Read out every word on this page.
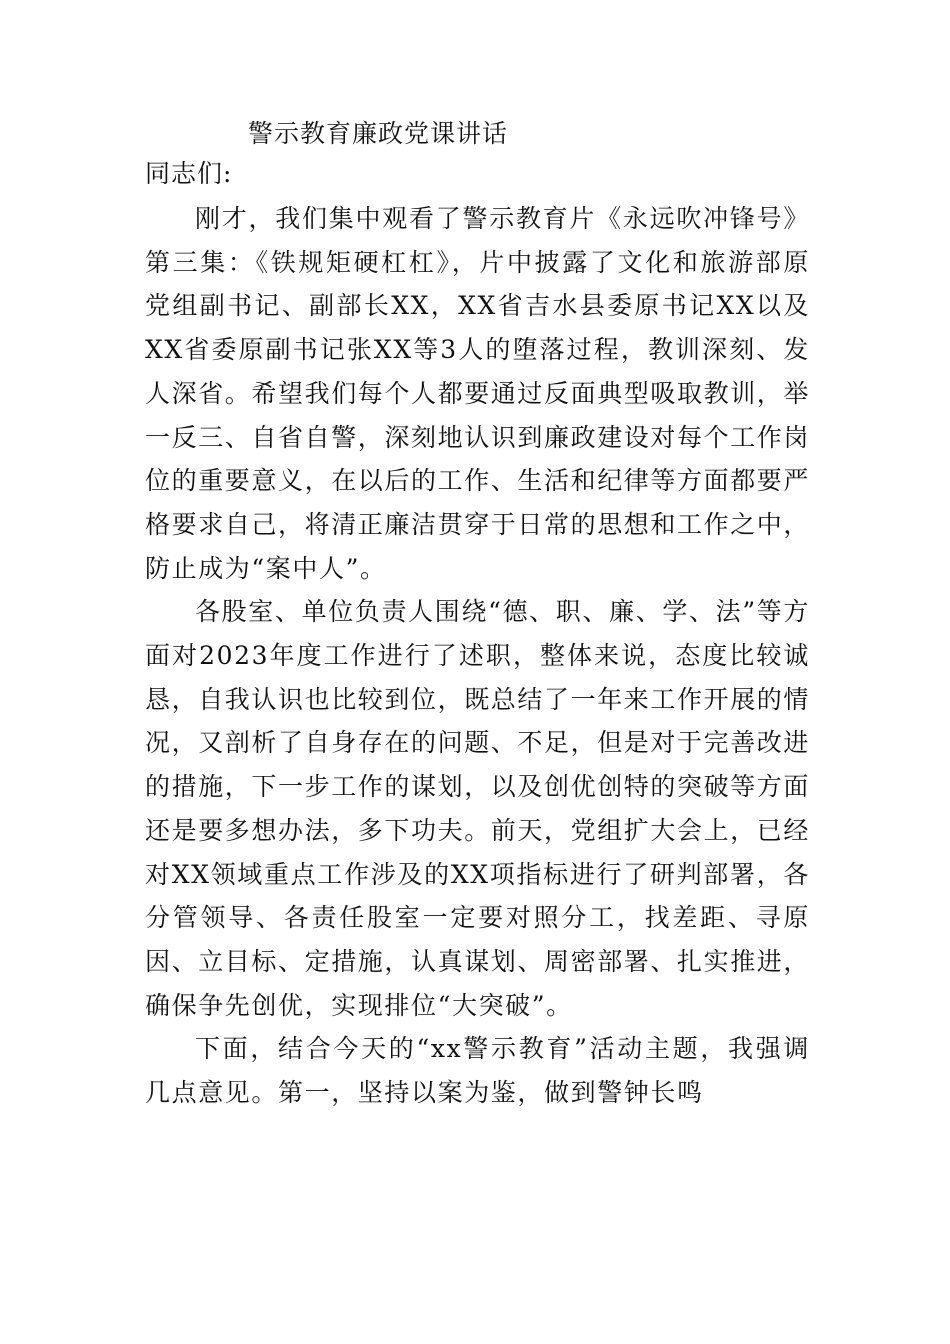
警示教育廉政党课讲话
同志们:

刚才，我们集中观看了警示教育片《永远吹冲锋号》第三集：《铁规矩硬杠杠》，片中披露了文化和旅游部原党组副书记、副部长XX，XX省吉水县委原书记XX以及XX省委原副书记张XX等3人的堕落过程，教训深刻、发人深省。希望我们每个人都要通过反面典型吸取教训，举一反三、自省自警，深刻地认识到廉政建设对每个工作岗位的重要意义，在以后的工作、生活和纪律等方面都要严格要求自己，将清正廉洁贯穿于日常的思想和工作之中，防止成为“案中人”。

各股室、单位负责人围绕“德、职、廉、学、法”等方面对2023年度工作进行了述职，整体来说，态度比较诚恳，自我认识也比较到位，既总结了一年来工作开展的情况，又剖析了自身存在的问题、不足，但是对于完善改进的措施，下一步工作的谋划，以及创优创特的突破等方面还是要多想办法，多下功夫。前天，党组扩大会上，已经对XX领域重点工作涉及的XX项指标进行了研判部署，各分管领导、各责任股室一定要对照分工，找差距、寻原因、立目标、定措施，认真谋划、周密部署、扎实推进，确保争先创优，实现排位“大突破”。

下面，结合今天的“xx警示教育”活动主题，我强调几点意见。第一，坚持以案为鉴，做到警钟长鸣
